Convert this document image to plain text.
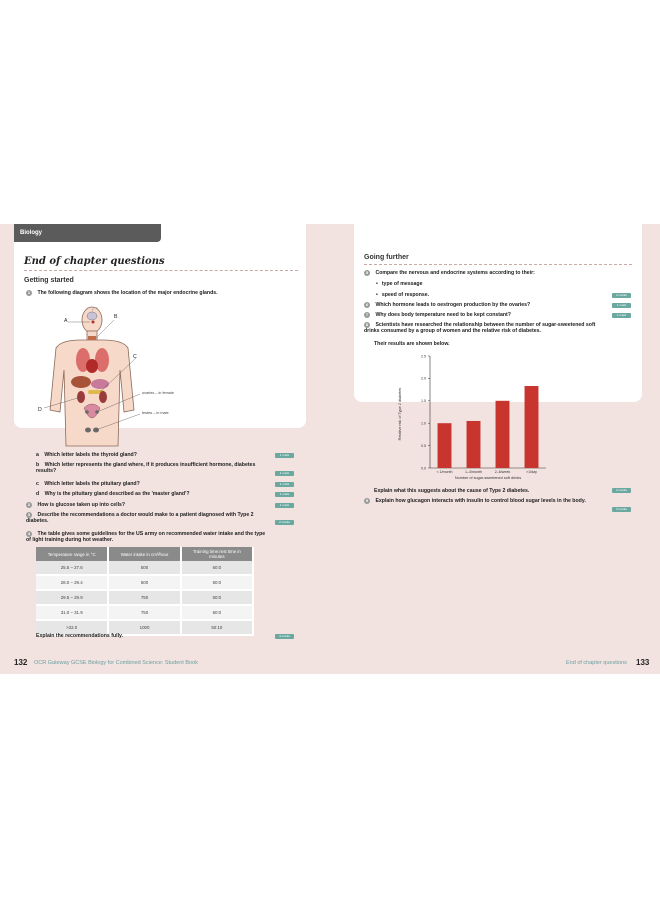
Biology
End of chapter questions
Getting started
1 The following diagram shows the location of the major endocrine glands.
A
B
C
D
ovaries – in female
testes – in male
a Which letter labels the thyroid gland?	1 mark
b Which letter represents the gland where, if it produces insufficient hormone, diabetes results?	1 mark
c Which letter labels the pituitary gland?	1 mark
d Why is the pituitary gland described as the 'master gland'?	1 mark
2 How is glucose taken up into cells?	1 mark
3 Describe the recommendations a doctor would make to a patient diagnosed with Type 2 diabetes.	2 marks
4 The table gives some guidelines for the US army on recommended water intake and the type of light training during hot weather.
Temperature range in °C	Water intake in cm³/hour	Training time:rest time in minutes
25.5 – 27.6	500	60:0
28.0 – 29.4	500	60:0
29.5 – 29.9	750	60:0
31.0 – 31.9	750	60:0
>32.0	1000	50:10
Explain the recommendations fully.	4 marks
Going further
5 Compare the nervous and endocrine systems according to their:
• type of message
• speed of response.	2 marks
6 Which hormone leads to oestrogen production by the ovaries?	1 mark
7 Why does body temperature need to be kept constant?	1 mark
8 Scientists have researched the relationship between the number of sugar-sweetened soft drinks consumed by a group of women and the relative risk of diabetes.
Their results are shown below.
0.0
0.5
1.0
1.5
2.0
2.5
< 1/month	1–4/month	2–6/week	>1/day
Relative risk of Type 2 diabetes
Number of sugar-sweetened soft drinks
Explain what this suggests about the cause of Type 2 diabetes.	2 marks
9 Explain how glucagon interacts with insulin to control blood sugar levels in the body.
3 marks
132 OCR Gateway GCSE Biology for Combined Science: Student Book	End of chapter questions 133
